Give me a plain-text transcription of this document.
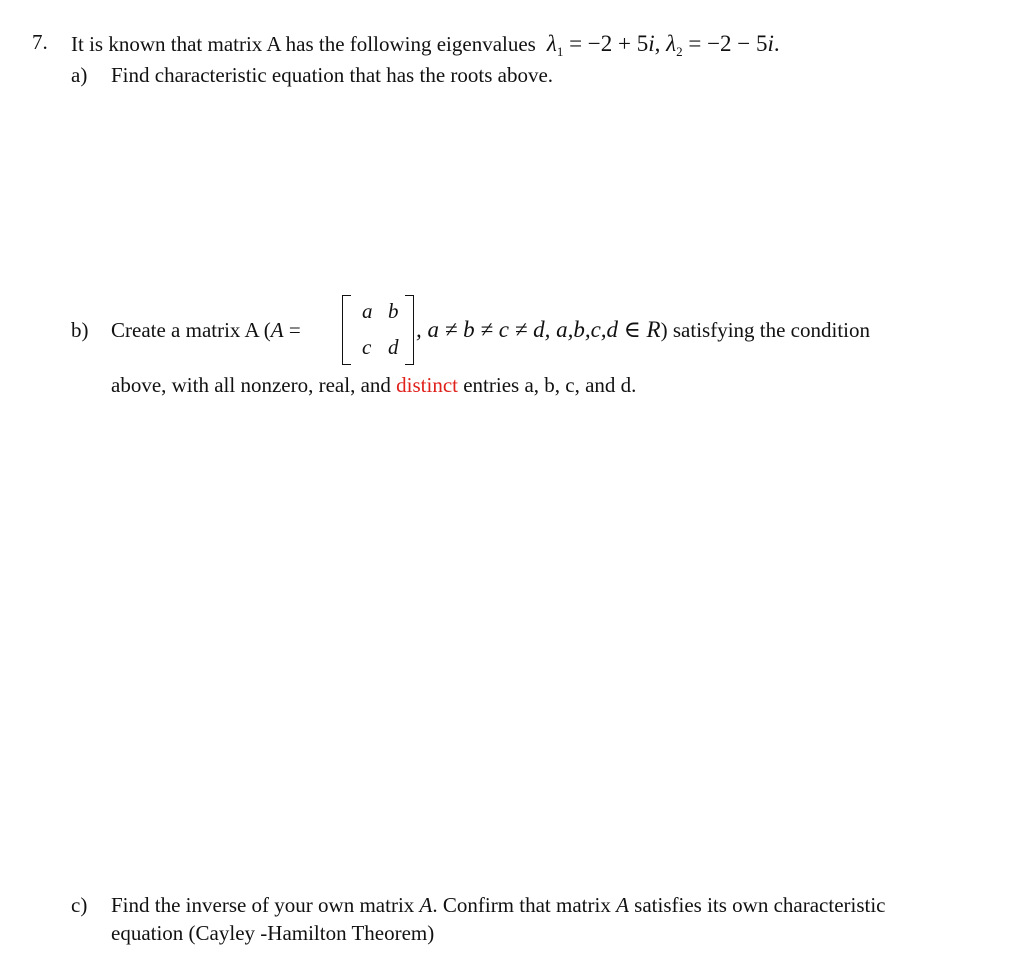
7. It is known that matrix A has the following eigenvalues $\lambda_1 = -2 + 5i$, $\lambda_2 = -2 - 5i$.
a) Find characteristic equation that has the roots above.
b) Create a matrix A (A =
a b
c d
, a ≠ b ≠ c ≠ d, a,b,c,d ∈ R) satisfying the condition
above, with all nonzero, real, and distinct entries a, b, c, and d.
c) Find the inverse of your own matrix A. Confirm that matrix A satisfies its own characteristic
equation (Cayley -Hamilton Theorem)
